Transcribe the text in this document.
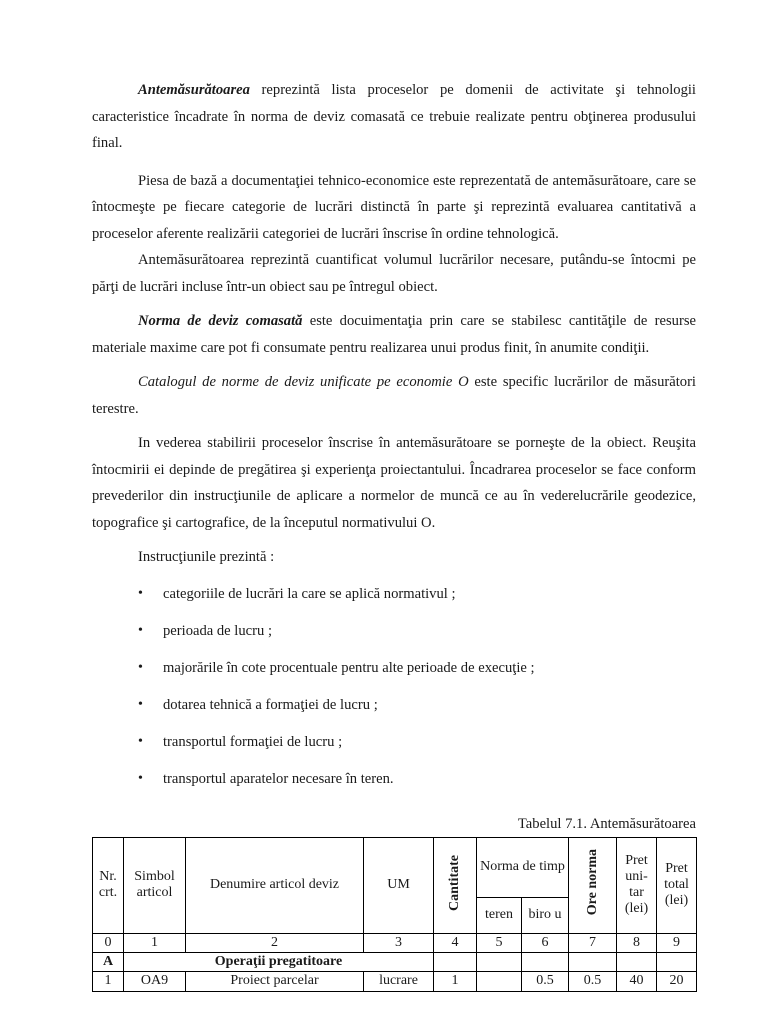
Antemăsurătoarea reprezintă lista proceselor pe domenii de activitate şi tehnologii caracteristice încadrate în norma de deviz comasată ce trebuie realizate pentru obţinerea produsului final.

Piesa de bază a documentaţiei tehnico-economice este reprezentată de antemăsurătoare, care se întocmeşte pe fiecare categorie de lucrări distinctă în parte şi reprezintă evaluarea cantitativă a proceselor aferente realizării categoriei de lucrări înscrise în ordine tehnologică.

Antemăsurătoarea reprezintă cuantificat volumul lucrărilor necesare, putându-se întocmi pe părţi de lucrări incluse într-un obiect sau pe întregul obiect.

Norma de deviz comasată este docuimentaţia prin care se stabilesc cantităţile de resurse materiale maxime care pot fi consumate pentru realizarea unui produs finit, în anumite condiţii.

Catalogul de norme de deviz unificate pe economie O este specific lucrărilor de măsurători terestre.

In vederea stabilirii proceselor înscrise în antemăsurătoare se porneşte de la obiect. Reuşita întocmirii ei depinde de pregătirea şi experienţa proiectantului. Încadrarea proceselor se face conform prevederilor din instrucţiunile de aplicare a normelor de muncă ce au în vederelucrările geodezice, topografice şi cartografice, de la începutul normativului O.

Instrucţiunile prezintă :

• categoriile de lucrări la care se aplică normativul ;
• perioada de lucru ;
• majorările în cote procentuale pentru alte perioade de execuţie ;
• dotarea tehnică a formaţiei de lucru ;
• transportul formaţiei de lucru ;
• transportul aparatelor necesare în teren.
Tabelul 7.1. Antemăsurătoarea
Nr. crt.	Simbol articol	Denumire articol deviz	UM	Cantitate	Norma de timp		Ore norma	Pret uni- tar (lei)	Pret total (lei)
					teren	biro u			
0	1	2	3	4	5	6	7	8	9
A	Operaţii pregatitoare								
1	OA9	Proiect parcelar	lucrare	1		0.5	0.5	40	20
